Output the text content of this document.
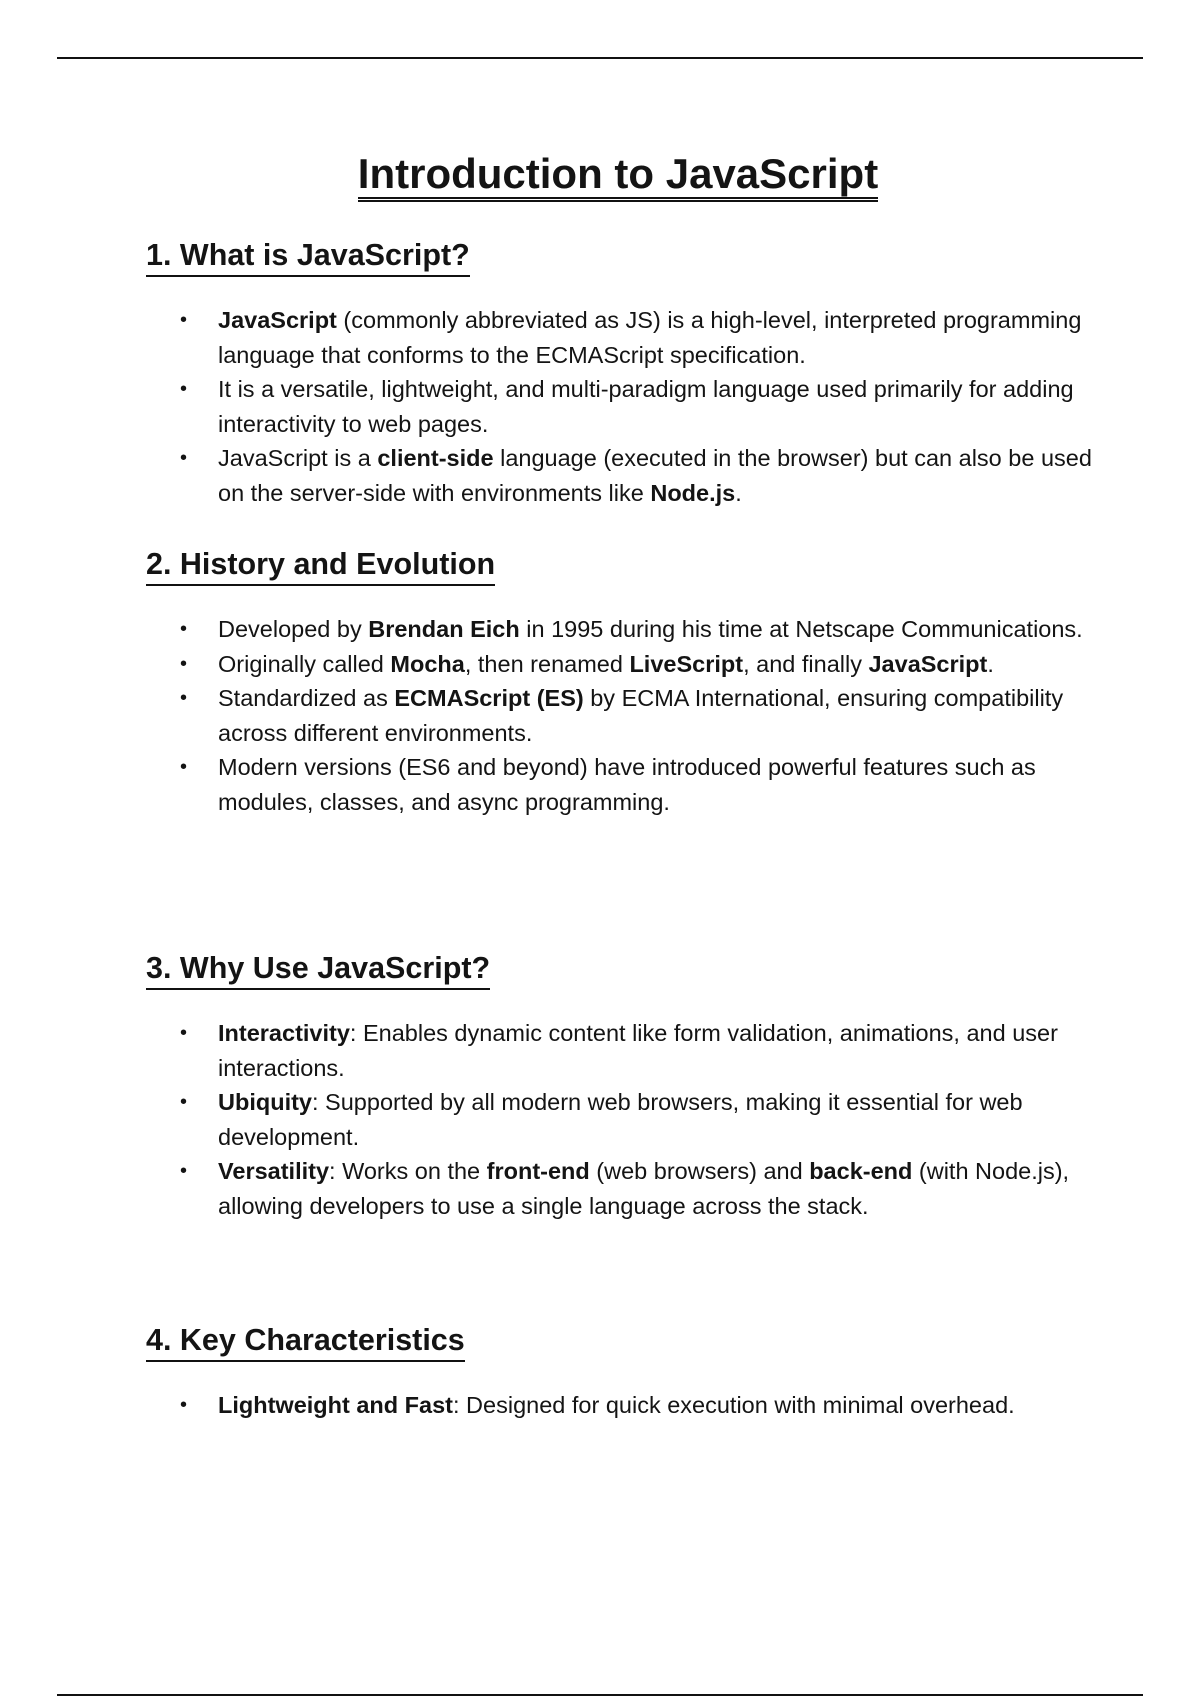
Introduction to JavaScript
1. What is JavaScript?
• JavaScript (commonly abbreviated as JS) is a high-level, interpreted programming language that conforms to the ECMAScript specification.
• It is a versatile, lightweight, and multi-paradigm language used primarily for adding interactivity to web pages.
• JavaScript is a client-side language (executed in the browser) but can also be used on the server-side with environments like Node.js.
2. History and Evolution
• Developed by Brendan Eich in 1995 during his time at Netscape Communications.
• Originally called Mocha, then renamed LiveScript, and finally JavaScript.
• Standardized as ECMAScript (ES) by ECMA International, ensuring compatibility across different environments.
• Modern versions (ES6 and beyond) have introduced powerful features such as modules, classes, and async programming.
3. Why Use JavaScript?
• Interactivity: Enables dynamic content like form validation, animations, and user interactions.
• Ubiquity: Supported by all modern web browsers, making it essential for web development.
• Versatility: Works on the front-end (web browsers) and back-end (with Node.js), allowing developers to use a single language across the stack.
4. Key Characteristics
• Lightweight and Fast: Designed for quick execution with minimal overhead.
